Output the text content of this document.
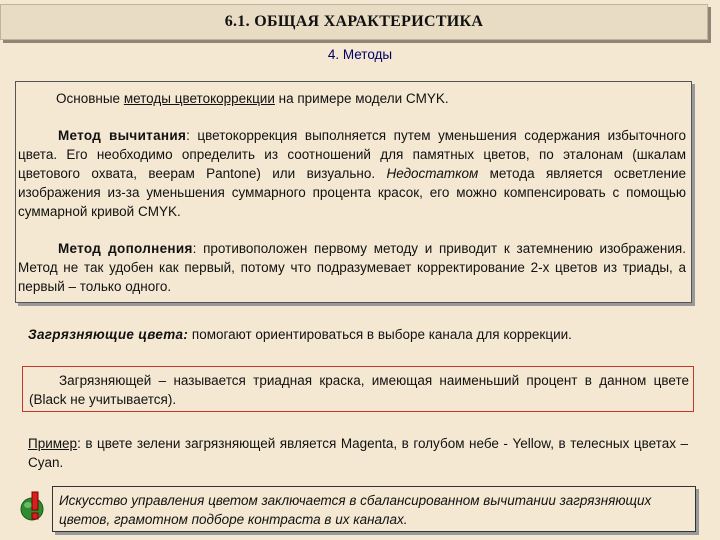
6.1. ОБЩАЯ ХАРАКТЕРИСТИКА
4. Методы

Основные методы цветокоррекции на примере модели CMYK.

Метод вычитания: цветокоррекция выполняется путем уменьшения содержания избыточного цвета. Его необходимо определить из соотношений для памятных цветов, по эталонам (шкалам цветового охвата, веерам Pantone) или визуально. Недостатком метода является осветление изображения из-за уменьшения суммарного процента красок, его можно компенсировать с помощью суммарной кривой CMYK.

Метод дополнения: противоположен первому методу и приводит к затемнению изображения. Метод не так удобен как первый, потому что подразумевает корректирование 2-х цветов из триады, а первый – только одного.

Загрязняющие цвета: помогают ориентироваться в выборе канала для коррекции.

Загрязняющей – называется триадная краска, имеющая наименьший процент в данном цвете (Black не учитывается).

Пример: в цвете зелени загрязняющей является Magenta, в голубом небе - Yellow, в телесных цветах – Cyan.

Искусство управления цветом заключается в сбалансированном вычитании загрязняющих цветов, грамотном подборе контраста в их каналах.
